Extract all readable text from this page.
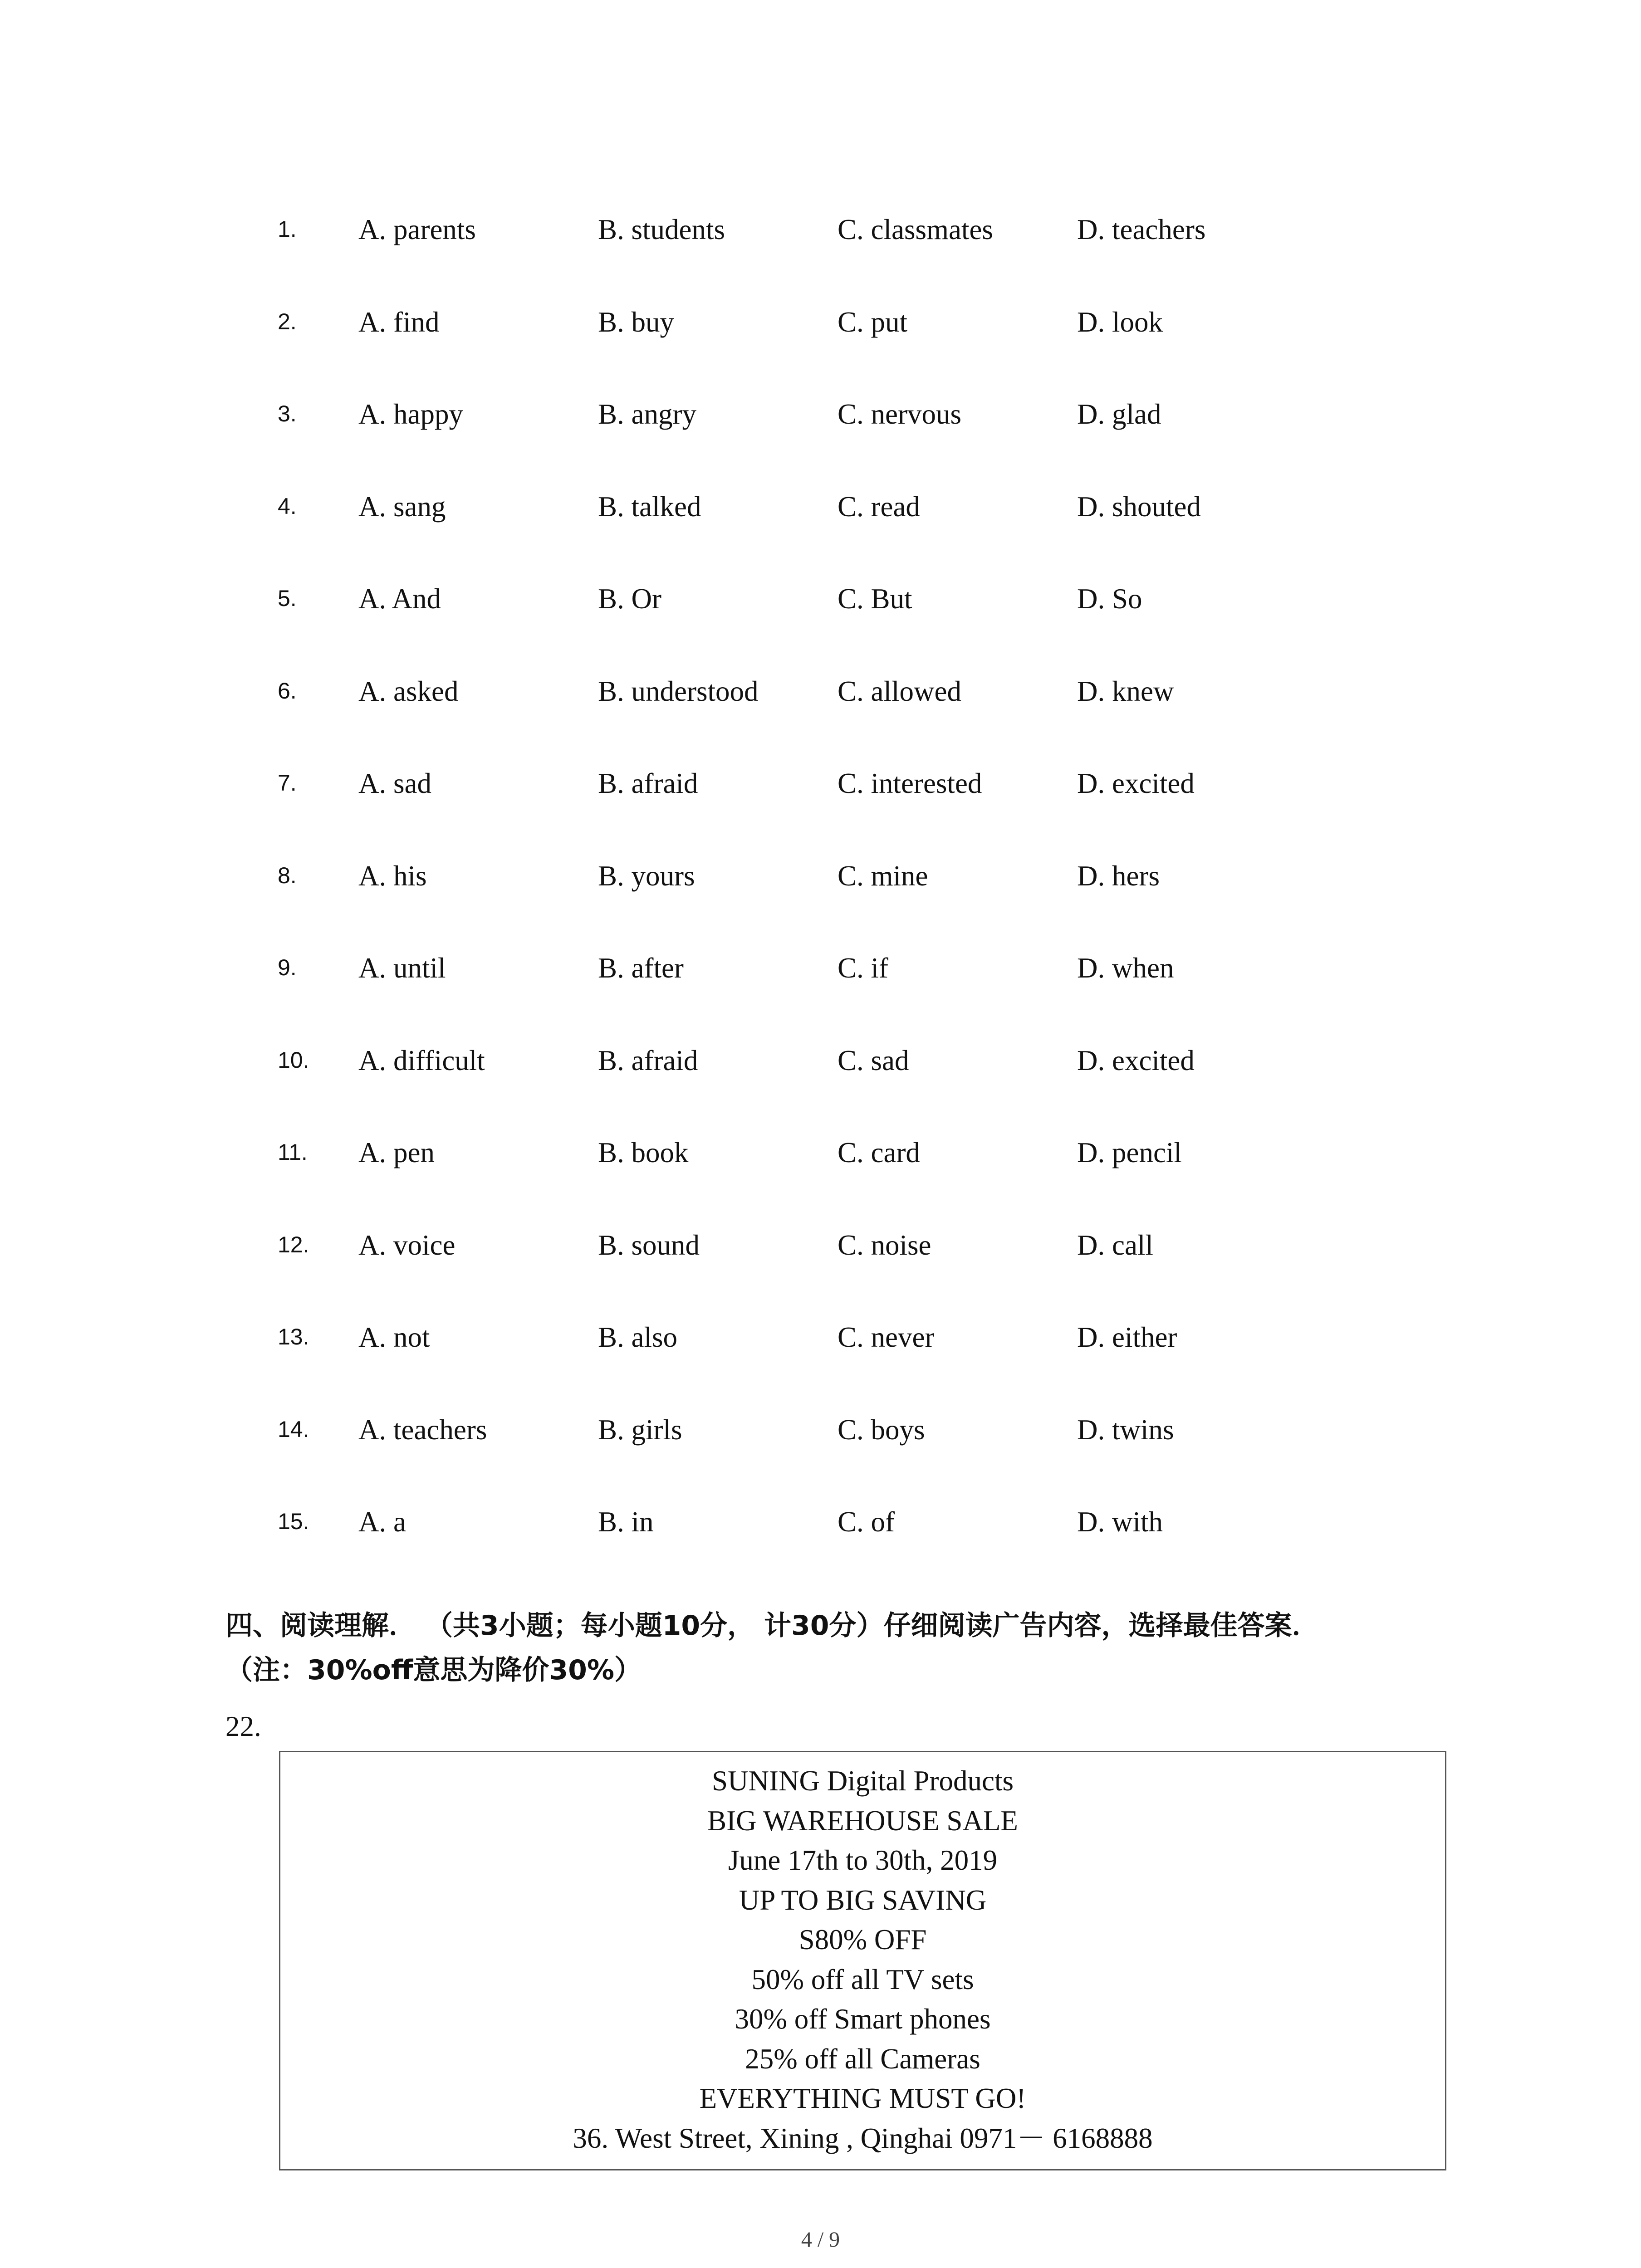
1. A. parents	B. students	C. classmates	D. teachers
2. A. find	B. buy	C. put	D. look
3. A. happy	B. angry	C. nervous	D. glad
4. A. sang	B. talked	C. read	D. shouted
5. A. And	B. Or	C. But	D. So
6. A. asked	B. understood	C. allowed	D. knew
7. A. sad	B. afraid	C. interested	D. excited
8. A. his	B. yours	C. mine	D. hers
9. A. until	B. after	C. if	D. when
10. A. difficult	B. afraid	C. sad	D. excited
11. A. pen	B. book	C. card	D. pencil
12. A. voice	B. sound	C. noise	D. call
13. A. not	B. also	C. never	D. either
14. A. teachers	B. girls	C. boys	D. twins
15. A. a	B. in	C. of	D. with
四、阅读理解． （共3小题；每小题10分， 计30分）仔细阅读广告内容，选择最佳答案．
（注：30%off意思为降价30%）
22.
SUNING Digital Products
BIG WAREHOUSE SALE
June 17th to 30th, 2019
UP TO BIG SAVING
S80% OFF
50% off all TV sets
30% off Smart phones
25% off all Cameras
EVERYTHING MUST GO!
36. West Street, Xining , Qinghai 0971－ 6168888
4 / 9
